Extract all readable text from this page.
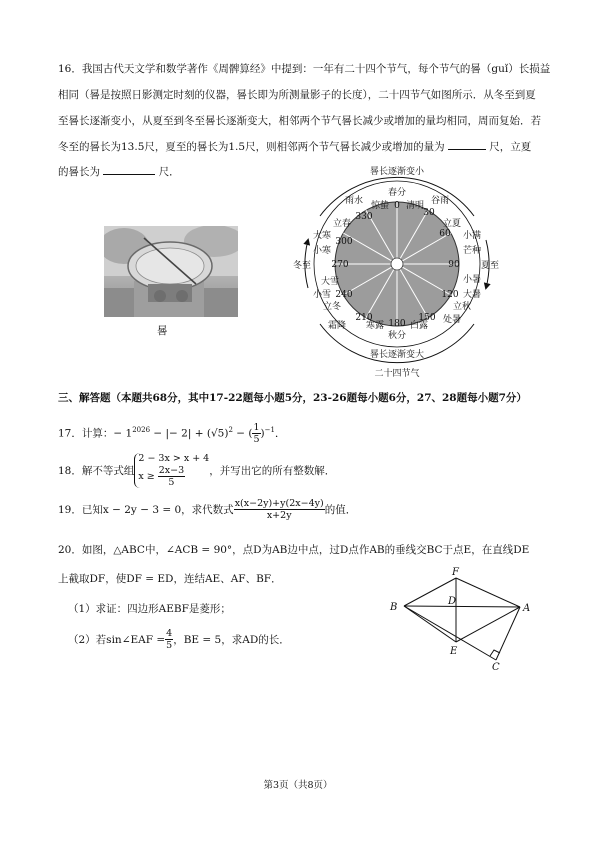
16．我国古代天文学和数学著作《周髀算经》中提到：一年有二十四个节气，每个节气的晷（guǐ）长损益
相同（晷是按照日影测定时刻的仪器，晷长即为所测量影子的长度），二十四节气如图所示．从冬至到夏
至晷长逐渐变小，从夏至到冬至晷长逐渐变大，相邻两个节气晷长减少或增加的量均相同，周而复始．若
冬至的晷长为13.5尺，夏至的晷长为1.5尺，则相邻两个节气晷长减少或增加的量为	尺，立夏
的晷长为	尺．
晷
晷长逐渐变小
晷长逐渐变大
二十四节气
冬至	夏至
春分
惊蛰 清明
雨水	谷雨
立春	立夏
大寒	小满
小寒	芒种
小暑
大雪
大暑
小雪
立秋
立冬
处暑
霜降 寒露	白露
秋分
0
30
60
90
120
150
180
210
240
270
300
330
三、解答题（本题共68分，其中17-22题每小题5分，23-26题每小题6分，27、28题每小题7分）
17．计算：− $1^{2026}$ − |− $2| + (√5)^2$ − ( $\frac{1}{5} )^{-1}$．
18．解不等式组
2 − 3x > x + 4
$x \ge \frac{2x-3}{5}$ ，并写出它的所有整数解．
19．已知x − 2y − 3 = 0，求代数式 $\frac{x(x-2y)+y(2x-4y)}{x+2y}$ 的值．
20．如图，△ABC中，∠ACB = 90°，点D为AB边中点，过D点作AB的垂线交BC于点E，在直线DE
上截取DF，使DF = ED，连结AE、AF、BF．
（1）求证：四边形AEBF是菱形；
（2）若sin∠EAF = $\frac{4}{5}$ ，BE = 5，求AD的长．
F
D
B	A
E
C
第3页（共8页）
